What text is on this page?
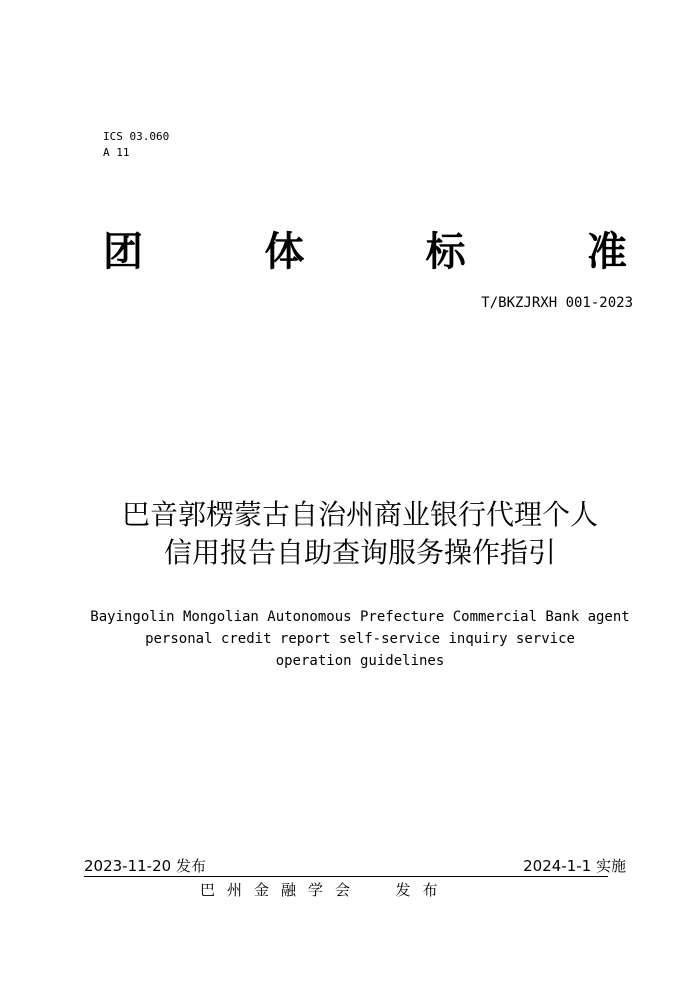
ICS 03.060
A 11
团	体	标	准
T/BKZJRXH 001-2023
巴音郭楞蒙古自治州商业银行代理个人
信用报告自助查询服务操作指引
Bayingolin Mongolian Autonomous Prefecture Commercial Bank agent
personal credit report self-service inquiry service
operation guidelines
2023-11-20 发布	2024-1-1 实施
巴州金融学会  发布
